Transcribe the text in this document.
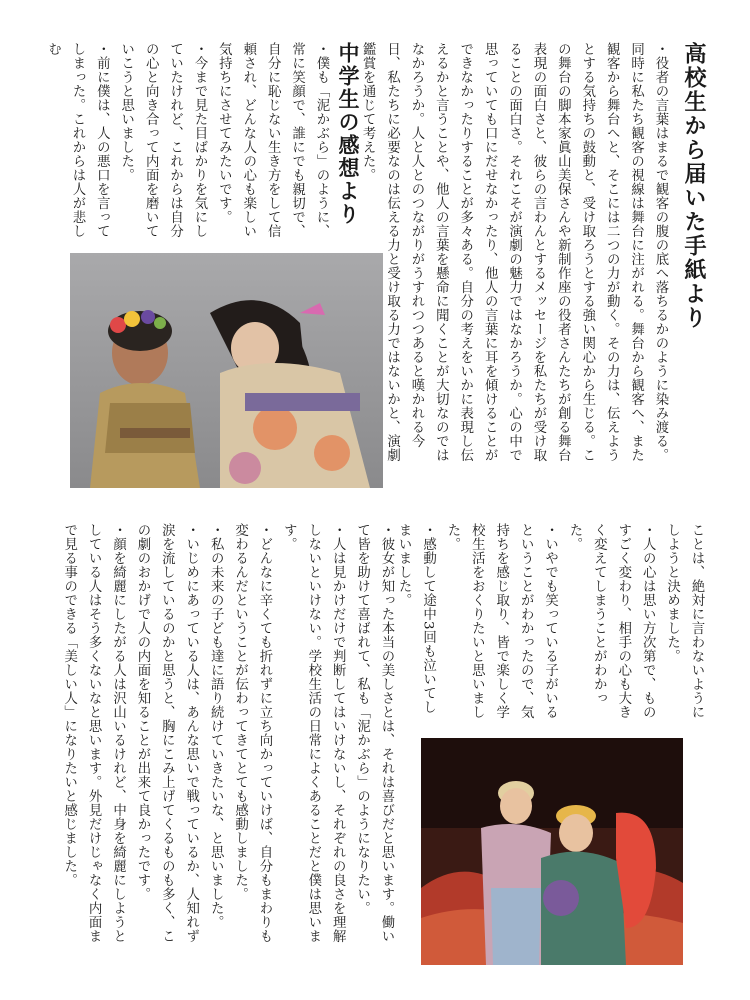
高校生から届いた手紙より

・役者の言葉はまるで観客の腹の底へ落ちるかのように染み渡る。同時に私たち観客の視線は舞台に注がれる。舞台から観客へ、また観客から舞台へと、そこには二つの力が動く。その力は、伝えようとする気持ちの鼓動と、受け取ろうとする強い関心から生じる。この舞台の脚本家眞山美保さんや新制作座の役者さんたちが創る舞台表現の面白さと、彼らの言わんとするメッセージを私たちが受け取ることの面白さ。それこそが演劇の魅力ではなかろうか。心の中で思っていても口にだせなかったり、他人の言葉に耳を傾けることができなかったりすることが多々ある。自分の考えをいかに表現し伝えるかと言うことや、他人の言葉を懸命に聞くことが大切なのではなかろうか。人と人とのつながりがうすれつつあると嘆かれる今日、私たちに必要なのは伝える力と受け取る力ではないかと、演劇鑑賞を通じて考えた。

中学生の感想より

・僕も「泥かぶら」のように、常に笑顔で、誰にでも親切で、自分に恥じない生き方をして信頼され、どんな人の心も楽しい気持ちにさせてみたいです。

・今まで見た目ばかりを気にしていたけれど、これからは自分の心と向き合って内面を磨いていこうと思いました。

・前に僕は、人の悪口を言ってしまった。これからは人が悲しむ

ことは、絶対に言わないようにしようと決めました。

・人の心は思い方次第で、ものすごく変わり、相手の心も大きく変えてしまうことがわかった。

・いやでも笑っている子がいるということがわかったので、気持ちを感じ取り、皆で楽しく学校生活をおくりたいと思いました。

・感動して途中3回も泣いてしまいました。

・彼女が知った本当の美しさとは、それは喜びだと思います。働いて皆を助けて喜ばれて、私も「泥かぶら」のようになりたい。

・人は見かけだけで判断してはいけないし、それぞれの良さを理解しないといけない。学校生活の日常によくあることだと僕は思います。

・どんなに辛くても折れずに立ち向かっていけば、自分もまわりも変わるんだということが伝わってきてとても感動しました。

・私の未来の子ども達に語り続けていきたいな、と思いました。

・いじめにあっている人は、あんな思いで戦っているか、人知れず涙を流しているのかと思うと、胸にこみ上げてくるものも多く、この劇のおかげで人の内面を知ることが出来て良かったです。

・顔を綺麗にしたがる人は沢山いるけれど、中身を綺麗にしようとしている人はそう多くないなと思います。外見だけじゃなく内面まで見る事のできる「美しい人」になりたいと感じました。
